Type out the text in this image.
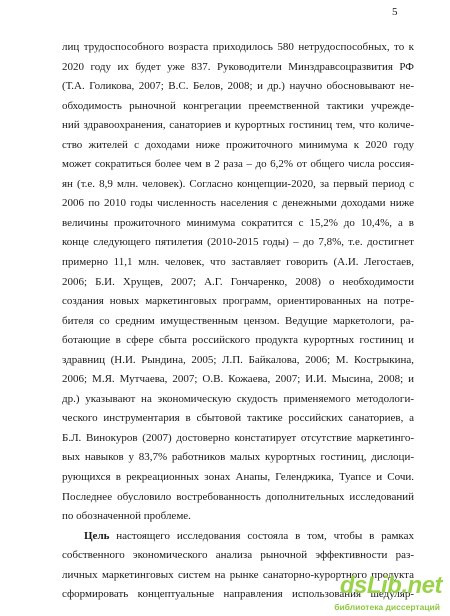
5
лиц трудоспособного возраста приходилось 580 нетрудоспособных, то к
2020 году их будет уже 837. Руководители Минздравсоцразвития РФ
(Т.А. Голикова, 2007; В.С. Белов, 2008; и др.) научно обосновывают не-
обходимость рыночной конгрегации преемственной тактики учрежде-
ний здравоохранения, санаториев и курортных гостиниц тем, что количе-
ство жителей с доходами ниже прожиточного минимума к 2020 году
может сократиться более чем в 2 раза – до 6,2% от общего числа россия-
ян (т.е. 8,9 млн. человек). Согласно концепции-2020, за первый период с
2006 по 2010 годы численность населения с денежными доходами ниже
величины прожиточного минимума сократится с 15,2% до 10,4%, а в
конце следующего пятилетия (2010-2015 годы) – до 7,8%, т.е. достигнет
примерно 11,1 млн. человек, что заставляет говорить (А.И. Легостаев,
2006; Б.И. Хрущев, 2007; А.Г. Гончаренко, 2008) о необходимости
создания новых маркетинговых программ, ориентированных на потре-
бителя со средним имущественным цензом. Ведущие маркетологи, ра-
ботающие в сфере сбыта российского продукта курортных гостиниц и
здравниц (Н.И. Рындина, 2005; Л.П. Байкалова, 2006; М. Кострыкина,
2006; М.Я. Мутчаева, 2007; О.В. Кожаева, 2007; И.И. Мысина, 2008; и
др.) указывают на экономическую скудость применяемого методологи-
ческого инструментария в сбытовой тактике российских санаториев, а
Б.Л. Винокуров (2007) достоверно констатирует отсутствие маркетинго-
вых навыков у 83,7% работников малых курортных гостиниц, дислоци-
рующихся в рекреационных зонах Анапы, Геленджика, Туапсе и Сочи.
Последнее обусловило востребованность дополнительных исследований
по обозначенной проблеме.
Цель настоящего исследования состояла в том, чтобы в рамках
собственного экономического анализа рыночной эффективности раз-
личных маркетинговых систем на рынке санаторно-курортного продукта
сформировать концептуальные направления использования шедуляр-
dsLib.net
библиотека диссертаций
